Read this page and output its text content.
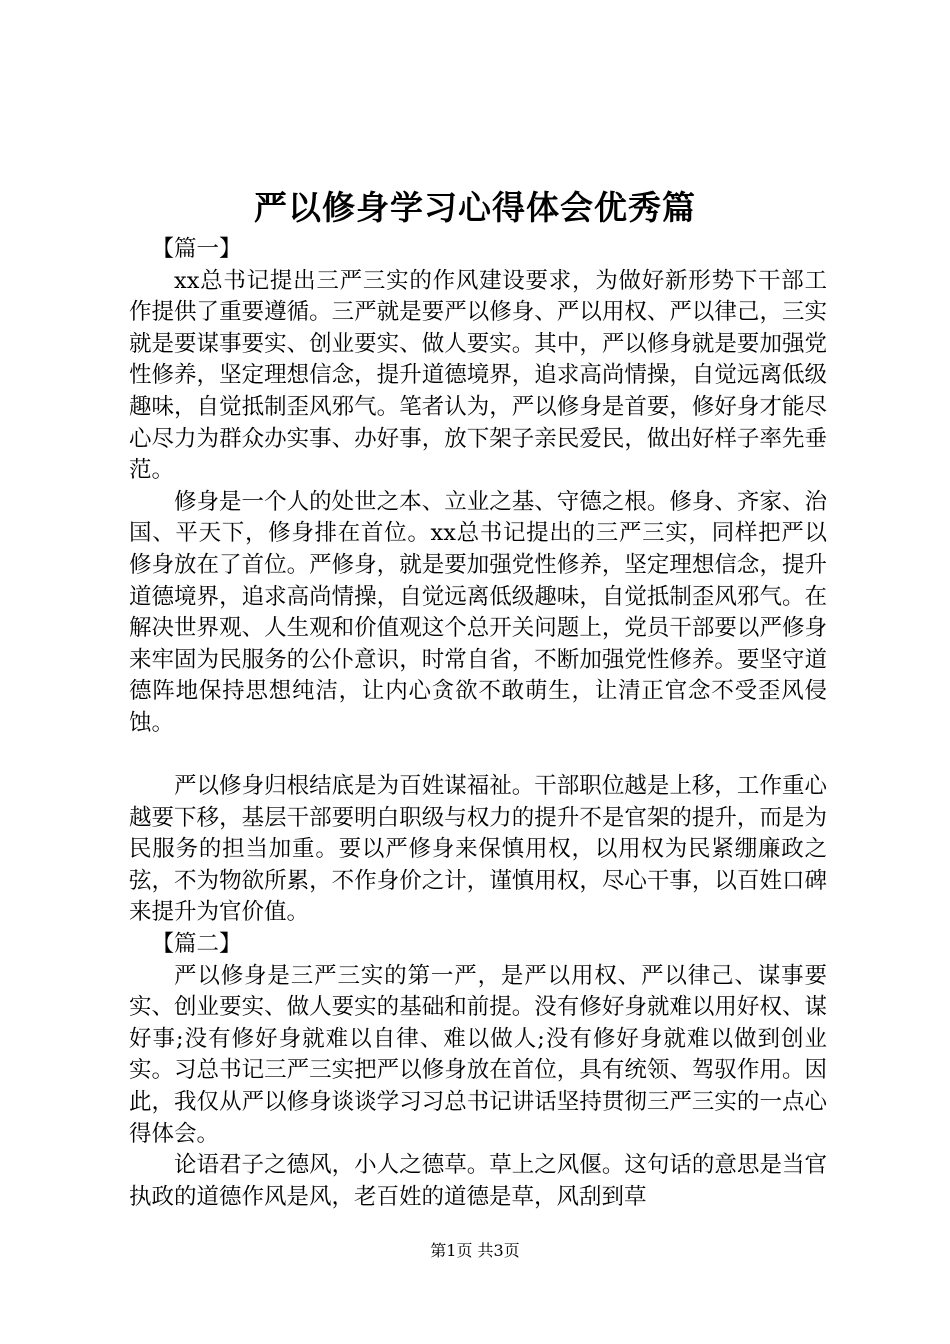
严以修身学习心得体会优秀篇

【篇一】

xx总书记提出三严三实的作风建设要求，为做好新形势下干部工作提供了重要遵循。三严就是要严以修身、严以用权、严以律己，三实就是要谋事要实、创业要实、做人要实。其中，严以修身就是要加强党性修养，坚定理想信念，提升道德境界，追求高尚情操，自觉远离低级趣味，自觉抵制歪风邪气。笔者认为，严以修身是首要，修好身才能尽心尽力为群众办实事、办好事，放下架子亲民爱民，做出好样子率先垂范。

修身是一个人的处世之本、立业之基、守德之根。修身、齐家、治国、平天下，修身排在首位。xx总书记提出的三严三实，同样把严以修身放在了首位。严修身，就是要加强党性修养，坚定理想信念，提升道德境界，追求高尚情操，自觉远离低级趣味，自觉抵制歪风邪气。在解决世界观、人生观和价值观这个总开关问题上，党员干部要以严修身来牢固为民服务的公仆意识，时常自省，不断加强党性修养。要坚守道德阵地保持思想纯洁，让内心贪欲不敢萌生，让清正官念不受歪风侵蚀。

严以修身归根结底是为百姓谋福祉。干部职位越是上移，工作重心越要下移，基层干部要明白职级与权力的提升不是官架的提升，而是为民服务的担当加重。要以严修身来保慎用权，以用权为民紧绷廉政之弦，不为物欲所累，不作身价之计，谨慎用权，尽心干事，以百姓口碑来提升为官价值。

【篇二】

严以修身是三严三实的第一严，是严以用权、严以律己、谋事要实、创业要实、做人要实的基础和前提。没有修好身就难以用好权、谋好事;没有修好身就难以自律、难以做人;没有修好身就难以做到创业实。习总书记三严三实把严以修身放在首位，具有统领、驾驭作用。因此，我仅从严以修身谈谈学习习总书记讲话坚持贯彻三严三实的一点心得体会。

论语君子之德风，小人之德草。草上之风偃。这句话的意思是当官执政的道德作风是风，老百姓的道德是草，风刮到草

第1页 共3页
